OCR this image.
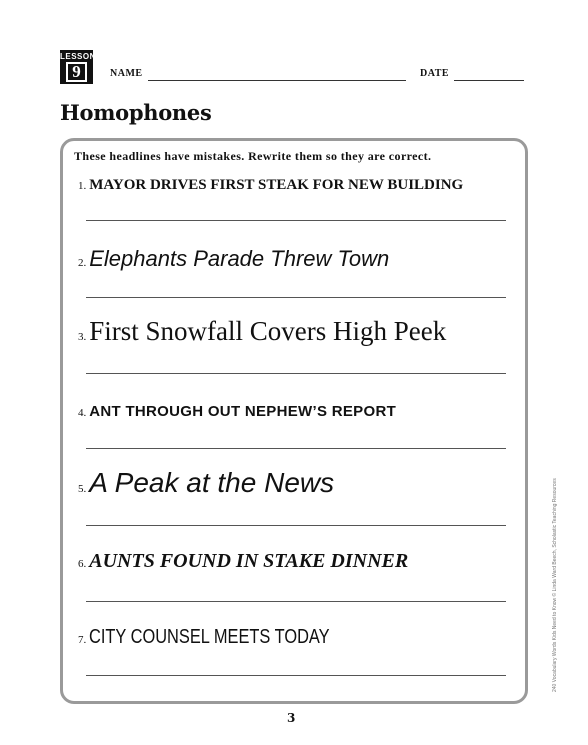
LESSON
9	NAME	DATE
Homophones

These headlines have mistakes. Rewrite them so they are correct.

1. MAYOR DRIVES FIRST STEAK FOR NEW BUILDING
2. Elephants Parade Threw Town
3. First Snowfall Covers High Peek
4. ANT THROUGH OUT NEPHEW’S REPORT
5. A Peak at the News
6. AUNTS FOUND IN STAKE DINNER
7. CITY COUNSEL MEETS TODAY
3
240 Vocabulary Words Kids Need to Know © Linda Ward Beech, Scholastic Teaching Resources
